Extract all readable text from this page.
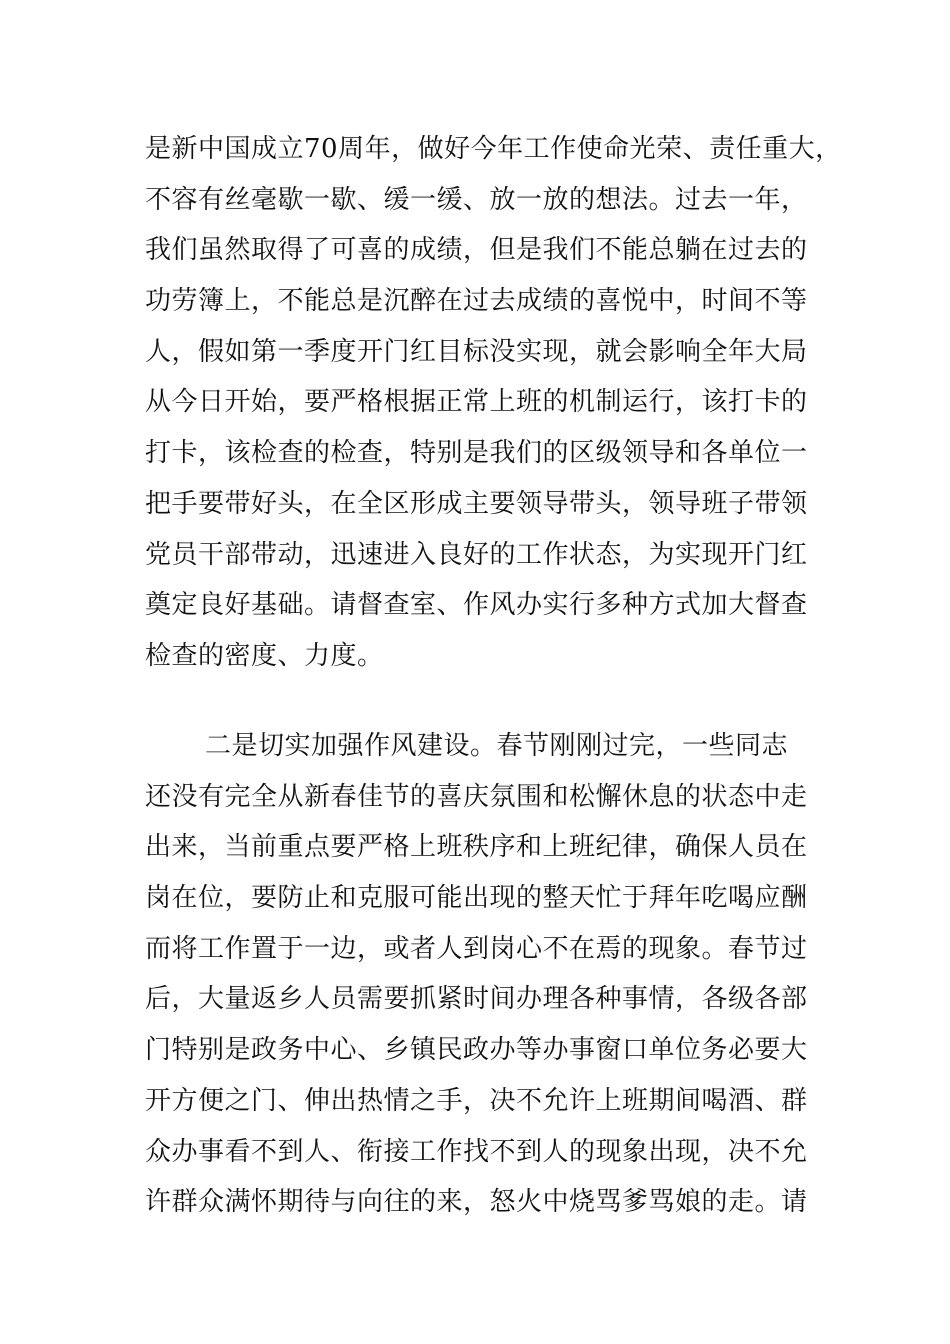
是新中国成立70周年，做好今年工作使命光荣、责任重大，
不容有丝毫歇一歇、缓一缓、放一放的想法。过去一年，
我们虽然取得了可喜的成绩，但是我们不能总躺在过去的
功劳簿上，不能总是沉醉在过去成绩的喜悦中，时间不等
人，假如第一季度开门红目标没实现，就会影响全年大局
从今日开始，要严格根据正常上班的机制运行，该打卡的
打卡，该检查的检查，特别是我们的区级领导和各单位一
把手要带好头，在全区形成主要领导带头，领导班子带领
党员干部带动，迅速进入良好的工作状态，为实现开门红
奠定良好基础。请督查室、作风办实行多种方式加大督查
检查的密度、力度。
二是切实加强作风建设。春节刚刚过完，一些同志
还没有完全从新春佳节的喜庆氛围和松懈休息的状态中走
出来，当前重点要严格上班秩序和上班纪律，确保人员在
岗在位，要防止和克服可能出现的整天忙于拜年吃喝应酬
而将工作置于一边，或者人到岗心不在焉的现象。春节过
后，大量返乡人员需要抓紧时间办理各种事情，各级各部
门特别是政务中心、乡镇民政办等办事窗口单位务必要大
开方便之门、伸出热情之手，决不允许上班期间喝酒、群
众办事看不到人、衔接工作找不到人的现象出现，决不允
许群众满怀期待与向往的来，怒火中烧骂爹骂娘的走。请
